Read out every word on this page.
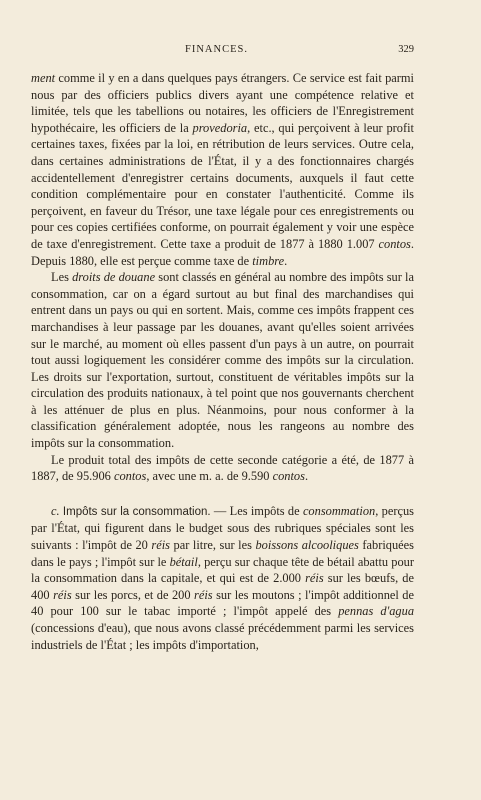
FINANCES.	329

ment comme il y en a dans quelques pays étrangers. Ce service est fait parmi nous par des officiers publics divers ayant une compétence relative et limitée, tels que les tabellions ou notaires, les officiers de l'Enregistrement hypothécaire, les officiers de la provedoria, etc., qui perçoivent à leur profit certaines taxes, fixées par la loi, en rétribution de leurs services. Outre cela, dans certaines administrations de l'État, il y a des fonctionnaires chargés accidentellement d'enregistrer certains documents, auxquels il faut cette condition complémentaire pour en constater l'authenticité. Comme ils perçoivent, en faveur du Trésor, une taxe légale pour ces enregistrements ou pour ces copies certifiées conforme, on pourrait également y voir une espèce de taxe d'enregistrement. Cette taxe a produit de 1877 à 1880 1.007 contos. Depuis 1880, elle est perçue comme taxe de timbre.

Les droits de douane sont classés en général au nombre des impôts sur la consommation, car on a égard surtout au but final des marchandises qui entrent dans un pays ou qui en sortent. Mais, comme ces impôts frappent ces marchandises à leur passage par les douanes, avant qu'elles soient arrivées sur le marché, au moment où elles passent d'un pays à un autre, on pourrait tout aussi logiquement les considérer comme des impôts sur la circulation. Les droits sur l'exportation, surtout, constituent de véritables impôts sur la circulation des produits nationaux, à tel point que nos gouvernants cherchent à les atténuer de plus en plus. Néanmoins, pour nous conformer à la classification généralement adoptée, nous les rangeons au nombre des impôts sur la consommation.

Le produit total des impôts de cette seconde catégorie a été, de 1877 à 1887, de 95.906 contos, avec une m. a. de 9.590 contos.

c. Impôts sur la consommation. — Les impôts de consommation, perçus par l'État, qui figurent dans le budget sous des rubriques spéciales sont les suivants : l'impôt de 20 réis par litre, sur les boissons alcooliques fabriquées dans le pays ; l'impôt sur le bétail, perçu sur chaque tête de bétail abattu pour la consommation dans la capitale, et qui est de 2.000 réis sur les bœufs, de 400 réis sur les porcs, et de 200 réis sur les moutons ; l'impôt additionnel de 40 pour 100 sur le tabac importé ; l'impôt appelé des pennas d'agua (concessions d'eau), que nous avons classé précédemment parmi les services industriels de l'État ; les impôts d'importation,
